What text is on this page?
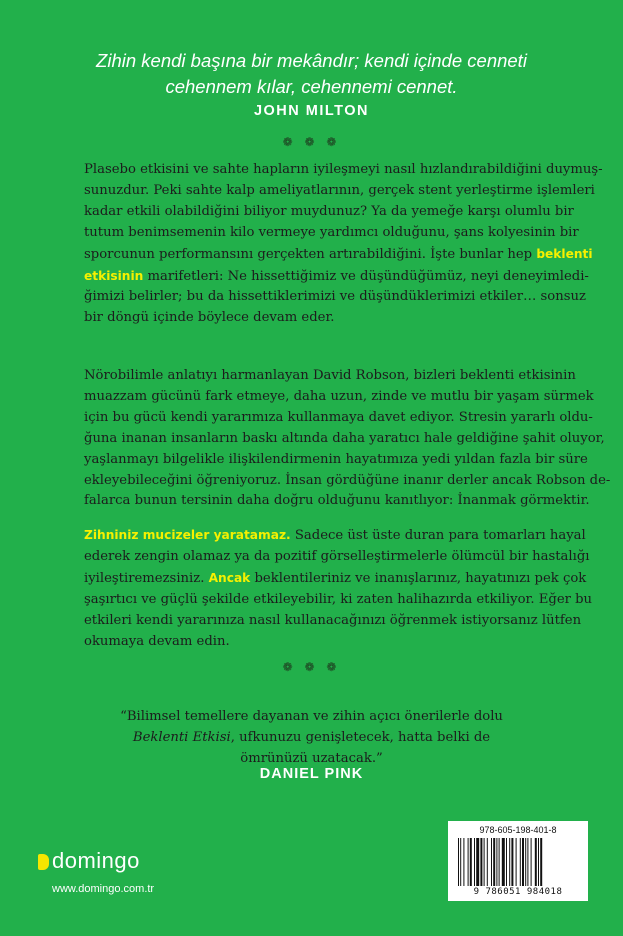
Zihin kendi başına bir mekândır; kendi içinde cenneti
cehennem kılar, cehennemi cennet.
JOHN MILTON
❁ ❁ ❁
Plasebo etkisini ve sahte hapların iyileşmeyi nasıl hızlandırabildiğini duymuş-
sunuzdur. Peki sahte kalp ameliyatlarının, gerçek stent yerleştirme işlemleri
kadar etkili olabildiğini biliyor muydunuz? Ya da yemeğe karşı olumlu bir
tutum benimsemenin kilo vermeye yardımcı olduğunu, şans kolyesinin bir
sporcunun performansını gerçekten artırabildiğini. İşte bunlar hep beklenti
etkisinin marifetleri: Ne hissettiğimiz ve düşündüğümüz, neyi deneyimledi-
ğimizi belirler; bu da hissettiklerimizi ve düşündüklerimizi etkiler… sonsuz
bir döngü içinde böylece devam eder.
Nörobilimle anlatıyı harmanlayan David Robson, bizleri beklenti etkisinin
muazzam gücünü fark etmeye, daha uzun, zinde ve mutlu bir yaşam sürmek
için bu gücü kendi yararımıza kullanmaya davet ediyor. Stresin yararlı oldu-
ğuna inanan insanların baskı altında daha yaratıcı hale geldiğine şahit oluyor,
yaşlanmayı bilgelikle ilişkilendirmenin hayatımıza yedi yıldan fazla bir süre
ekleyebileceğini öğreniyoruz. İnsan gördüğüne inanır derler ancak Robson de-
falarca bunun tersinin daha doğru olduğunu kanıtlıyor: İnanmak görmektir.
Zihniniz mucizeler yaratamaz. Sadece üst üste duran para tomarları hayal
ederek zengin olamaz ya da pozitif görselleştirmelerle ölümcül bir hastalığı
iyileştiremezsiniz. Ancak beklentileriniz ve inanışlarınız, hayatınızı pek çok
şaşırtıcı ve güçlü şekilde etkileyebilir, ki zaten halihazırda etkiliyor. Eğer bu
etkileri kendi yararınıza nasıl kullanacağınızı öğrenmek istiyorsanız lütfen
okumaya devam edin.
❁ ❁ ❁
“Bilimsel temellere dayanan ve zihin açıcı önerilerle dolu
Beklenti Etkisi, ufkunuzu genişletecek, hatta belki de
ömrünüzü uzatacak.”
DANIEL PINK
domingo
www.domingo.com.tr
978-605-198-401-8
9 786051 984018
